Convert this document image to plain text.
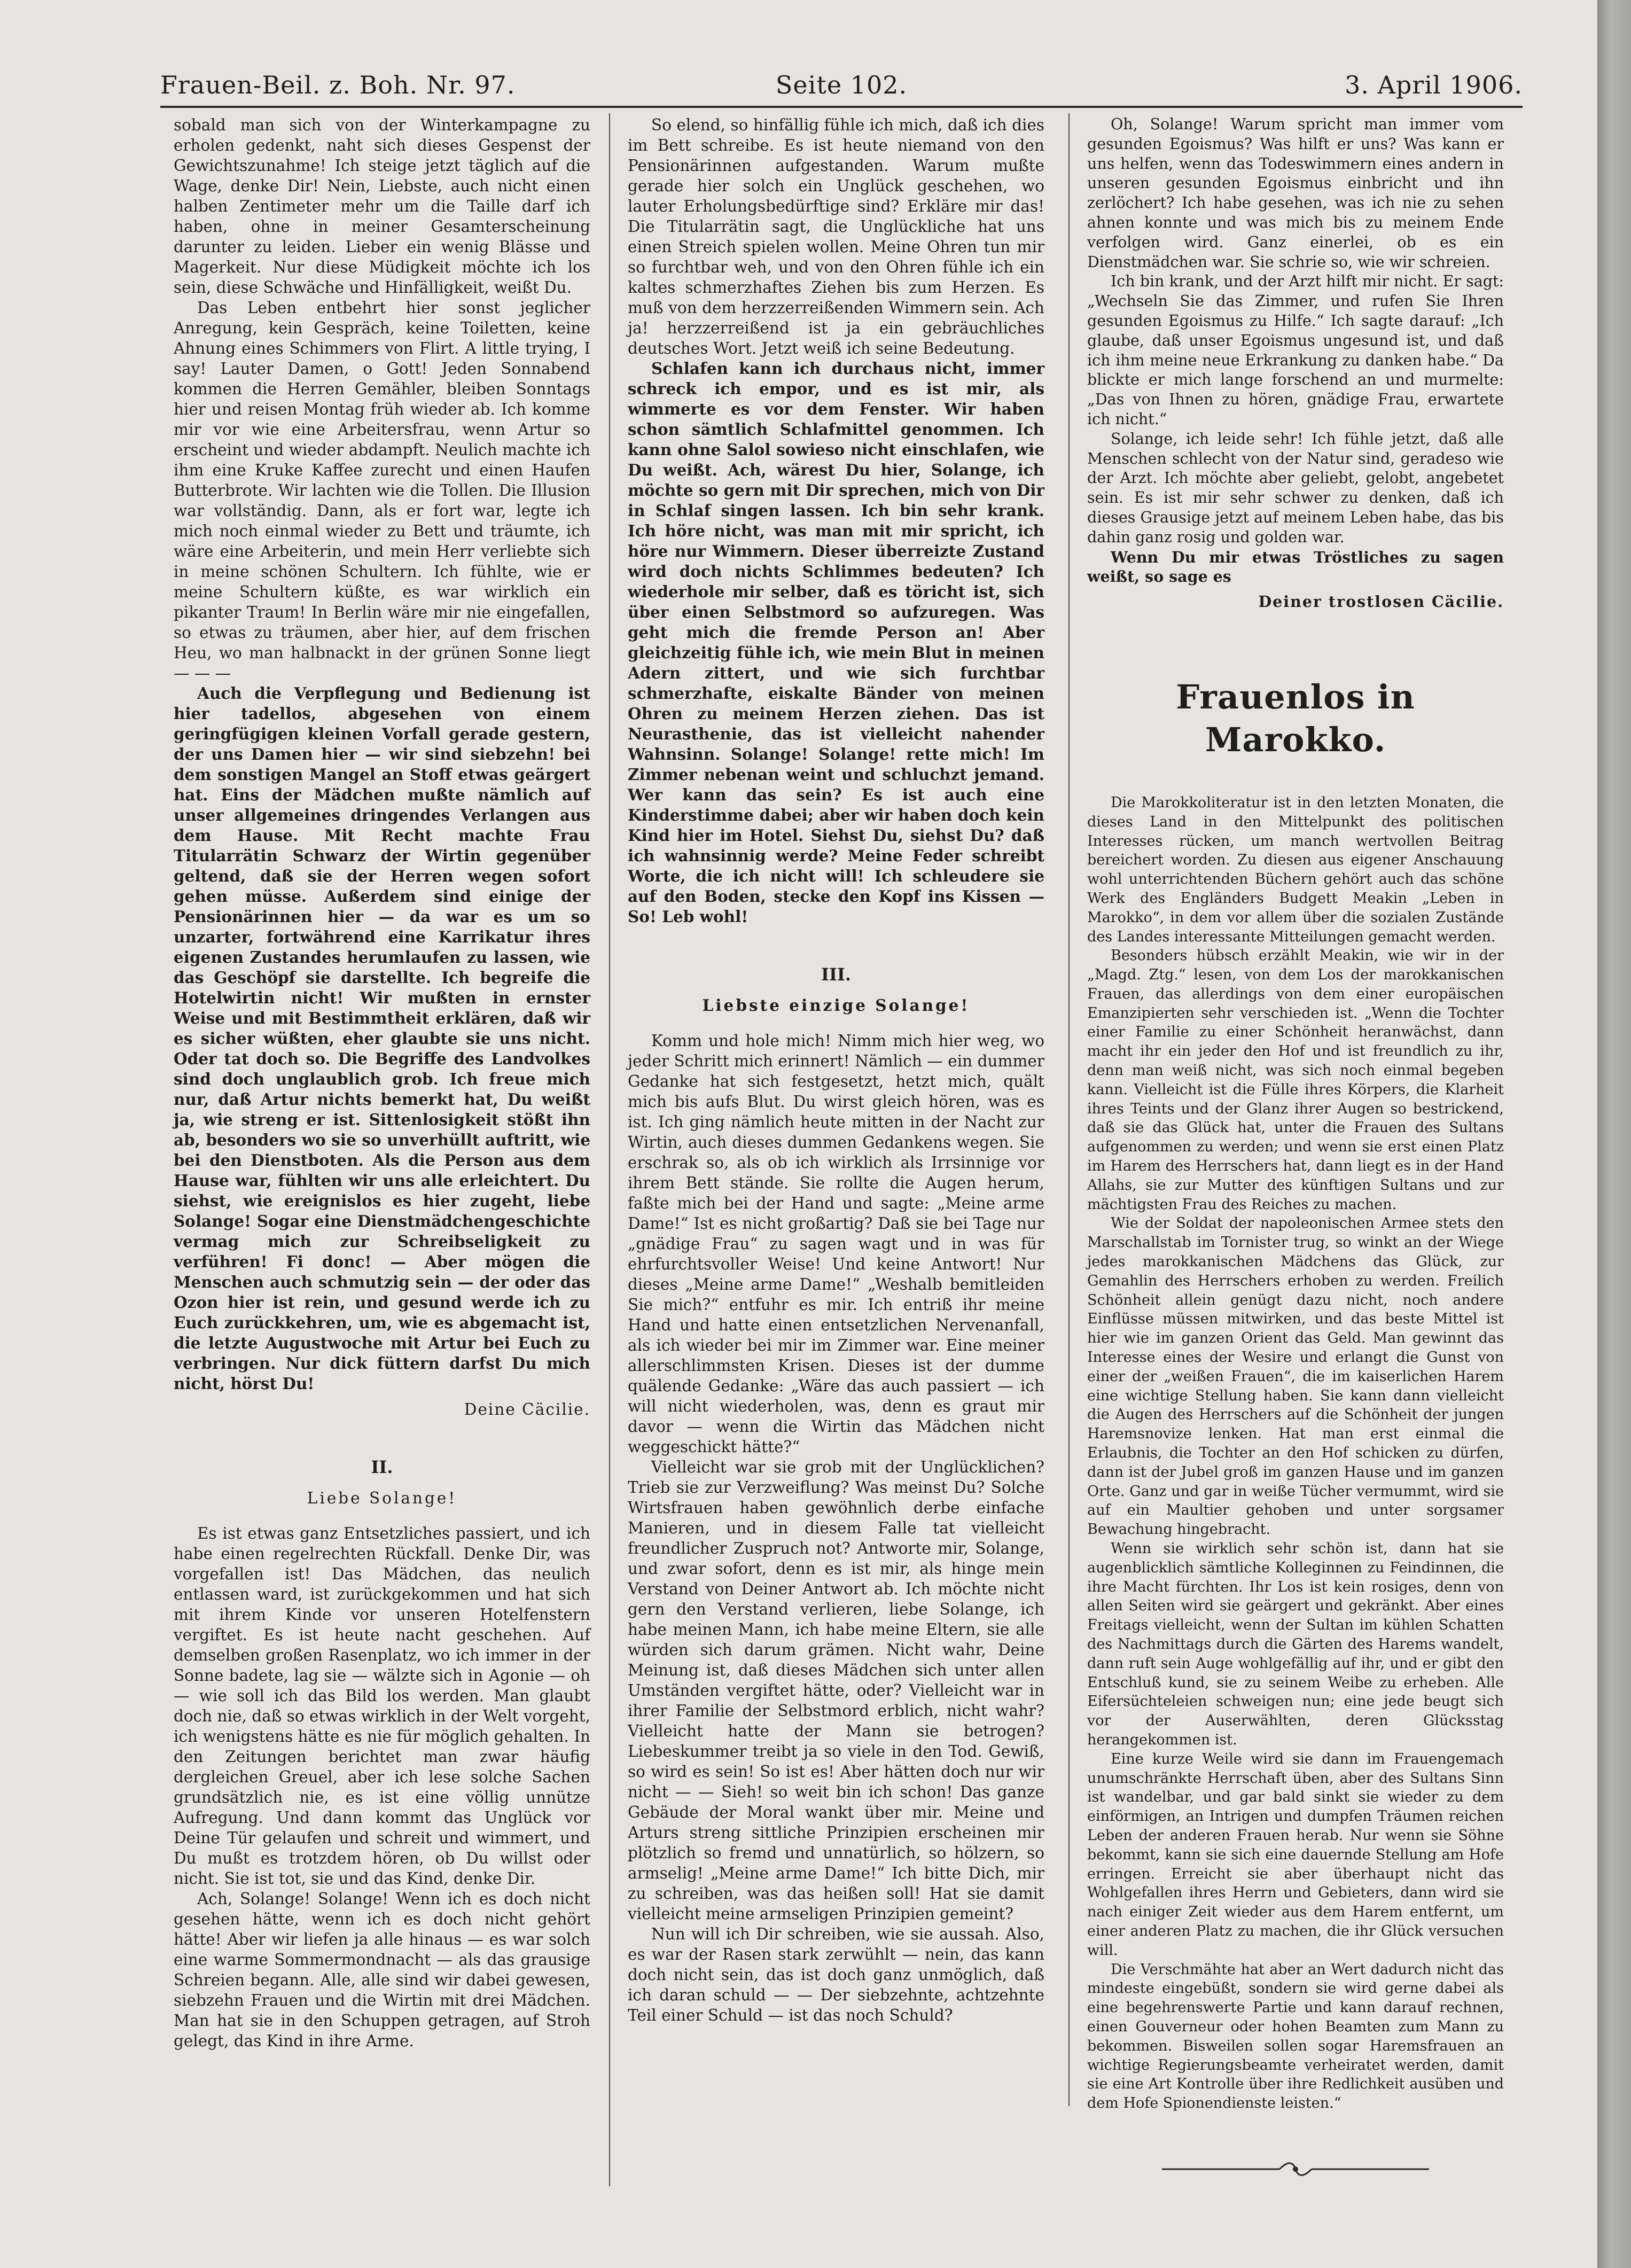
Frauen-Beil. z. Boh. Nr. 97.	Seite 102.	3. April 1906.

sobald man sich von der Winterkampagne zu erholen gedenkt, naht sich dieses Gespenst der Gewichtszunahme! Ich steige jetzt täglich auf die Wage, denke Dir! Nein, Liebste, auch nicht einen halben Zentimeter mehr um die Taille darf ich haben, ohne in meiner Gesamterscheinung darunter zu leiden. Lieber ein wenig Blässe und Magerkeit. Nur diese Müdigkeit möchte ich los sein, diese Schwäche und Hinfälligkeit, weißt Du.

Das Leben entbehrt hier sonst jeglicher Anregung, kein Gespräch, keine Toiletten, keine Ahnung eines Schimmers von Flirt. A little trying, I say! Lauter Damen, o Gott! Jeden Sonnabend kommen die Herren Gemähler, bleiben Sonntags hier und reisen Montag früh wieder ab. Ich komme mir vor wie eine Arbeitersfrau, wenn Artur so erscheint und wieder abdampft. Neulich machte ich ihm eine Kruke Kaffee zurecht und einen Haufen Butterbrote. Wir lachten wie die Tollen. Die Illusion war vollständig. Dann, als er fort war, legte ich mich noch einmal wieder zu Bett und träumte, ich wäre eine Arbeiterin, und mein Herr verliebte sich in meine schönen Schultern. Ich fühlte, wie er meine Schultern küßte, es war wirklich ein pikanter Traum! In Berlin wäre mir nie eingefallen, so etwas zu träumen, aber hier, auf dem frischen Heu, wo man halbnackt in der grünen Sonne liegt — — —

Auch die Verpflegung und Bedienung ist hier tadellos, abgesehen von einem geringfügigen kleinen Vorfall gerade gestern, der uns Damen hier — wir sind siebzehn! bei dem sonstigen Mangel an Stoff etwas geärgert hat. Eins der Mädchen mußte nämlich auf unser allgemeines dringendes Verlangen aus dem Hause. Mit Recht machte Frau Titularrätin Schwarz der Wirtin gegenüber geltend, daß sie der Herren wegen sofort gehen müsse. Außerdem sind einige der Pensionärinnen hier — da war es um so unzarter, fortwährend eine Karrikatur ihres eigenen Zustandes herumlaufen zu lassen, wie das Geschöpf sie darstellte. Ich begreife die Hotelwirtin nicht! Wir mußten in ernster Weise und mit Bestimmtheit erklären, daß wir es sicher wüßten, eher glaubte sie uns nicht. Oder tat doch so. Die Begriffe des Landvolkes sind doch unglaublich grob. Ich freue mich nur, daß Artur nichts bemerkt hat, Du weißt ja, wie streng er ist. Sittenlosigkeit stößt ihn ab, besonders wo sie so unverhüllt auftritt, wie bei den Dienstboten. Als die Person aus dem Hause war, fühlten wir uns alle erleichtert. Du siehst, wie ereignislos es hier zugeht, liebe Solange! Sogar eine Dienstmädchengeschichte vermag mich zur Schreibseligkeit zu verführen! Fi donc! — Aber mögen die Menschen auch schmutzig sein — der oder das Ozon hier ist rein, und gesund werde ich zu Euch zurückkehren, um, wie es abgemacht ist, die letzte Augustwoche mit Artur bei Euch zu verbringen. Nur dick füttern darfst Du mich nicht, hörst Du!

Deine Cäcilie.

II.

Liebe Solange!

Es ist etwas ganz Entsetzliches passiert, und ich habe einen regelrechten Rückfall. Denke Dir, was vorgefallen ist! Das Mädchen, das neulich entlassen ward, ist zurückgekommen und hat sich mit ihrem Kinde vor unseren Hotelfenstern vergiftet. Es ist heute nacht geschehen. Auf demselben großen Rasenplatz, wo ich immer in der Sonne badete, lag sie — wälzte sich in Agonie — oh — wie soll ich das Bild los werden. Man glaubt doch nie, daß so etwas wirklich in der Welt vorgeht, ich wenigstens hätte es nie für möglich gehalten. In den Zeitungen berichtet man zwar häufig dergleichen Greuel, aber ich lese solche Sachen grundsätzlich nie, es ist eine völlig unnütze Aufregung. Und dann kommt das Unglück vor Deine Tür gelaufen und schreit und wimmert, und Du mußt es trotzdem hören, ob Du willst oder nicht. Sie ist tot, sie und das Kind, denke Dir.

Ach, Solange! Solange! Wenn ich es doch nicht gesehen hätte, wenn ich es doch nicht gehört hätte! Aber wir liefen ja alle hinaus — es war solch eine warme Sommermondnacht — als das grausige Schreien begann. Alle, alle sind wir dabei gewesen, siebzehn Frauen und die Wirtin mit drei Mädchen. Man hat sie in den Schuppen getragen, auf Stroh gelegt, das Kind in ihre Arme.

So elend, so hinfällig fühle ich mich, daß ich dies im Bett schreibe. Es ist heute niemand von den Pensionärinnen aufgestanden. Warum mußte gerade hier solch ein Unglück geschehen, wo lauter Erholungsbedürftige sind? Erkläre mir das! Die Titularrätin sagt, die Unglückliche hat uns einen Streich spielen wollen. Meine Ohren tun mir so furchtbar weh, und von den Ohren fühle ich ein kaltes schmerzhaftes Ziehen bis zum Herzen. Es muß von dem herzzerreißenden Wimmern sein. Ach ja! herzzerreißend ist ja ein gebräuchliches deutsches Wort. Jetzt weiß ich seine Bedeutung.

Schlafen kann ich durchaus nicht, immer schreck ich empor, und es ist mir, als wimmerte es vor dem Fenster. Wir haben schon sämtlich Schlafmittel genommen. Ich kann ohne Salol sowieso nicht einschlafen, wie Du weißt. Ach, wärest Du hier, Solange, ich möchte so gern mit Dir sprechen, mich von Dir in Schlaf singen lassen. Ich bin sehr krank. Ich höre nicht, was man mit mir spricht, ich höre nur Wimmern. Dieser überreizte Zustand wird doch nichts Schlimmes bedeuten? Ich wiederhole mir selber, daß es töricht ist, sich über einen Selbstmord so aufzuregen. Was geht mich die fremde Person an! Aber gleichzeitig fühle ich, wie mein Blut in meinen Adern zittert, und wie sich furchtbar schmerzhafte, eiskalte Bänder von meinen Ohren zu meinem Herzen ziehen. Das ist Neurasthenie, das ist vielleicht nahender Wahnsinn. Solange! Solange! rette mich! Im Zimmer nebenan weint und schluchzt jemand. Wer kann das sein? Es ist auch eine Kinderstimme dabei; aber wir haben doch kein Kind hier im Hotel. Siehst Du, siehst Du? daß ich wahnsinnig werde? Meine Feder schreibt Worte, die ich nicht will! Ich schleudere sie auf den Boden, stecke den Kopf ins Kissen — So! Leb wohl!

III.

Liebste einzige Solange!

Komm und hole mich! Nimm mich hier weg, wo jeder Schritt mich erinnert! Nämlich — ein dummer Gedanke hat sich festgesetzt, hetzt mich, quält mich bis aufs Blut. Du wirst gleich hören, was es ist. Ich ging nämlich heute mitten in der Nacht zur Wirtin, auch dieses dummen Gedankens wegen. Sie erschrak so, als ob ich wirklich als Irrsinnige vor ihrem Bett stände. Sie rollte die Augen herum, faßte mich bei der Hand und sagte: „Meine arme Dame!“ Ist es nicht großartig? Daß sie bei Tage nur „gnädige Frau“ zu sagen wagt und in was für ehrfurchtsvoller Weise! Und keine Antwort! Nur dieses „Meine arme Dame!“ „Weshalb bemitleiden Sie mich?“ entfuhr es mir. Ich entriß ihr meine Hand und hatte einen entsetzlichen Nervenanfall, als ich wieder bei mir im Zimmer war. Eine meiner allerschlimmsten Krisen. Dieses ist der dumme quälende Gedanke: „Wäre das auch passiert — ich will nicht wiederholen, was, denn es graut mir davor — wenn die Wirtin das Mädchen nicht weggeschickt hätte?“

Vielleicht war sie grob mit der Unglücklichen? Trieb sie zur Verzweiflung? Was meinst Du? Solche Wirtsfrauen haben gewöhnlich derbe einfache Manieren, und in diesem Falle tat vielleicht freundlicher Zuspruch not? Antworte mir, Solange, und zwar sofort, denn es ist mir, als hinge mein Verstand von Deiner Antwort ab. Ich möchte nicht gern den Verstand verlieren, liebe Solange, ich habe meinen Mann, ich habe meine Eltern, sie alle würden sich darum grämen. Nicht wahr, Deine Meinung ist, daß dieses Mädchen sich unter allen Umständen vergiftet hätte, oder? Vielleicht war in ihrer Familie der Selbstmord erblich, nicht wahr? Vielleicht hatte der Mann sie betrogen? Liebeskummer treibt ja so viele in den Tod. Gewiß, so wird es sein! So ist es! Aber hätten doch nur wir nicht — — Sieh! so weit bin ich schon! Das ganze Gebäude der Moral wankt über mir. Meine und Arturs streng sittliche Prinzipien erscheinen mir plötzlich so fremd und unnatürlich, so hölzern, so armselig! „Meine arme Dame!“ Ich bitte Dich, mir zu schreiben, was das heißen soll! Hat sie damit vielleicht meine armseligen Prinzipien gemeint?

Nun will ich Dir schreiben, wie sie aussah. Also, es war der Rasen stark zerwühlt — nein, das kann doch nicht sein, das ist doch ganz unmöglich, daß ich daran schuld — — Der siebzehnte, achtzehnte Teil einer Schuld — ist das noch Schuld?

Oh, Solange! Warum spricht man immer vom gesunden Egoismus? Was hilft er uns? Was kann er uns helfen, wenn das Todeswimmern eines andern in unseren gesunden Egoismus einbricht und ihn zerlöchert? Ich habe gesehen, was ich nie zu sehen ahnen konnte und was mich bis zu meinem Ende verfolgen wird. Ganz einerlei, ob es ein Dienstmädchen war. Sie schrie so, wie wir schreien.

Ich bin krank, und der Arzt hilft mir nicht. Er sagt: „Wechseln Sie das Zimmer, und rufen Sie Ihren gesunden Egoismus zu Hilfe.“ Ich sagte darauf: „Ich glaube, daß unser Egoismus ungesund ist, und daß ich ihm meine neue Erkrankung zu danken habe.“ Da blickte er mich lange forschend an und murmelte: „Das von Ihnen zu hören, gnädige Frau, erwartete ich nicht.“

Solange, ich leide sehr! Ich fühle jetzt, daß alle Menschen schlecht von der Natur sind, geradeso wie der Arzt. Ich möchte aber geliebt, gelobt, angebetet sein. Es ist mir sehr schwer zu denken, daß ich dieses Grausige jetzt auf meinem Leben habe, das bis dahin ganz rosig und golden war.

Wenn Du mir etwas Tröstliches zu sagen weißt, so sage es

Deiner trostlosen Cäcilie.

Frauenlos in Marokko.

Die Marokkoliteratur ist in den letzten Monaten, die dieses Land in den Mittelpunkt des politischen Interesses rücken, um manch wertvollen Beitrag bereichert worden. Zu diesen aus eigener Anschauung wohl unterrichtenden Büchern gehört auch das schöne Werk des Engländers Budgett Meakin „Leben in Marokko“, in dem vor allem über die sozialen Zustände des Landes interessante Mitteilungen gemacht werden.

Besonders hübsch erzählt Meakin, wie wir in der „Magd. Ztg.“ lesen, von dem Los der marokkanischen Frauen, das allerdings von dem einer europäischen Emanzipierten sehr verschieden ist. „Wenn die Tochter einer Familie zu einer Schönheit heranwächst, dann macht ihr ein jeder den Hof und ist freundlich zu ihr, denn man weiß nicht, was sich noch einmal begeben kann. Vielleicht ist die Fülle ihres Körpers, die Klarheit ihres Teints und der Glanz ihrer Augen so bestrickend, daß sie das Glück hat, unter die Frauen des Sultans aufgenommen zu werden; und wenn sie erst einen Platz im Harem des Herrschers hat, dann liegt es in der Hand Allahs, sie zur Mutter des künftigen Sultans und zur mächtigsten Frau des Reiches zu machen.

Wie der Soldat der napoleonischen Armee stets den Marschallstab im Tornister trug, so winkt an der Wiege jedes marokkanischen Mädchens das Glück, zur Gemahlin des Herrschers erhoben zu werden. Freilich Schönheit allein genügt dazu nicht, noch andere Einflüsse müssen mitwirken, und das beste Mittel ist hier wie im ganzen Orient das Geld. Man gewinnt das Interesse eines der Wesire und erlangt die Gunst von einer der „weißen Frauen“, die im kaiserlichen Harem eine wichtige Stellung haben. Sie kann dann vielleicht die Augen des Herrschers auf die Schönheit der jungen Haremsnovize lenken. Hat man erst einmal die Erlaubnis, die Tochter an den Hof schicken zu dürfen, dann ist der Jubel groß im ganzen Hause und im ganzen Orte. Ganz und gar in weiße Tücher vermummt, wird sie auf ein Maultier gehoben und unter sorgsamer Bewachung hingebracht.

Wenn sie wirklich sehr schön ist, dann hat sie augenblicklich sämtliche Kolleginnen zu Feindinnen, die ihre Macht fürchten. Ihr Los ist kein rosiges, denn von allen Seiten wird sie geärgert und gekränkt. Aber eines Freitags vielleicht, wenn der Sultan im kühlen Schatten des Nachmittags durch die Gärten des Harems wandelt, dann ruft sein Auge wohlgefällig auf ihr, und er gibt den Entschluß kund, sie zu seinem Weibe zu erheben. Alle Eifersüchteleien schweigen nun; eine jede beugt sich vor der Auserwählten, deren Glücksstag herangekommen ist.

Eine kurze Weile wird sie dann im Frauengemach unumschränkte Herrschaft üben, aber des Sultans Sinn ist wandelbar, und gar bald sinkt sie wieder zu dem einförmigen, an Intrigen und dumpfen Träumen reichen Leben der anderen Frauen herab. Nur wenn sie Söhne bekommt, kann sie sich eine dauernde Stellung am Hofe erringen. Erreicht sie aber überhaupt nicht das Wohlgefallen ihres Herrn und Gebieters, dann wird sie nach einiger Zeit wieder aus dem Harem entfernt, um einer anderen Platz zu machen, die ihr Glück versuchen will.

Die Verschmähte hat aber an Wert dadurch nicht das mindeste eingebüßt, sondern sie wird gerne dabei als eine begehrenswerte Partie und kann darauf rechnen, einen Gouverneur oder hohen Beamten zum Mann zu bekommen. Bisweilen sollen sogar Haremsfrauen an wichtige Regierungsbeamte verheiratet werden, damit sie eine Art Kontrolle über ihre Redlichkeit ausüben und dem Hofe Spionendienste leisten.“
